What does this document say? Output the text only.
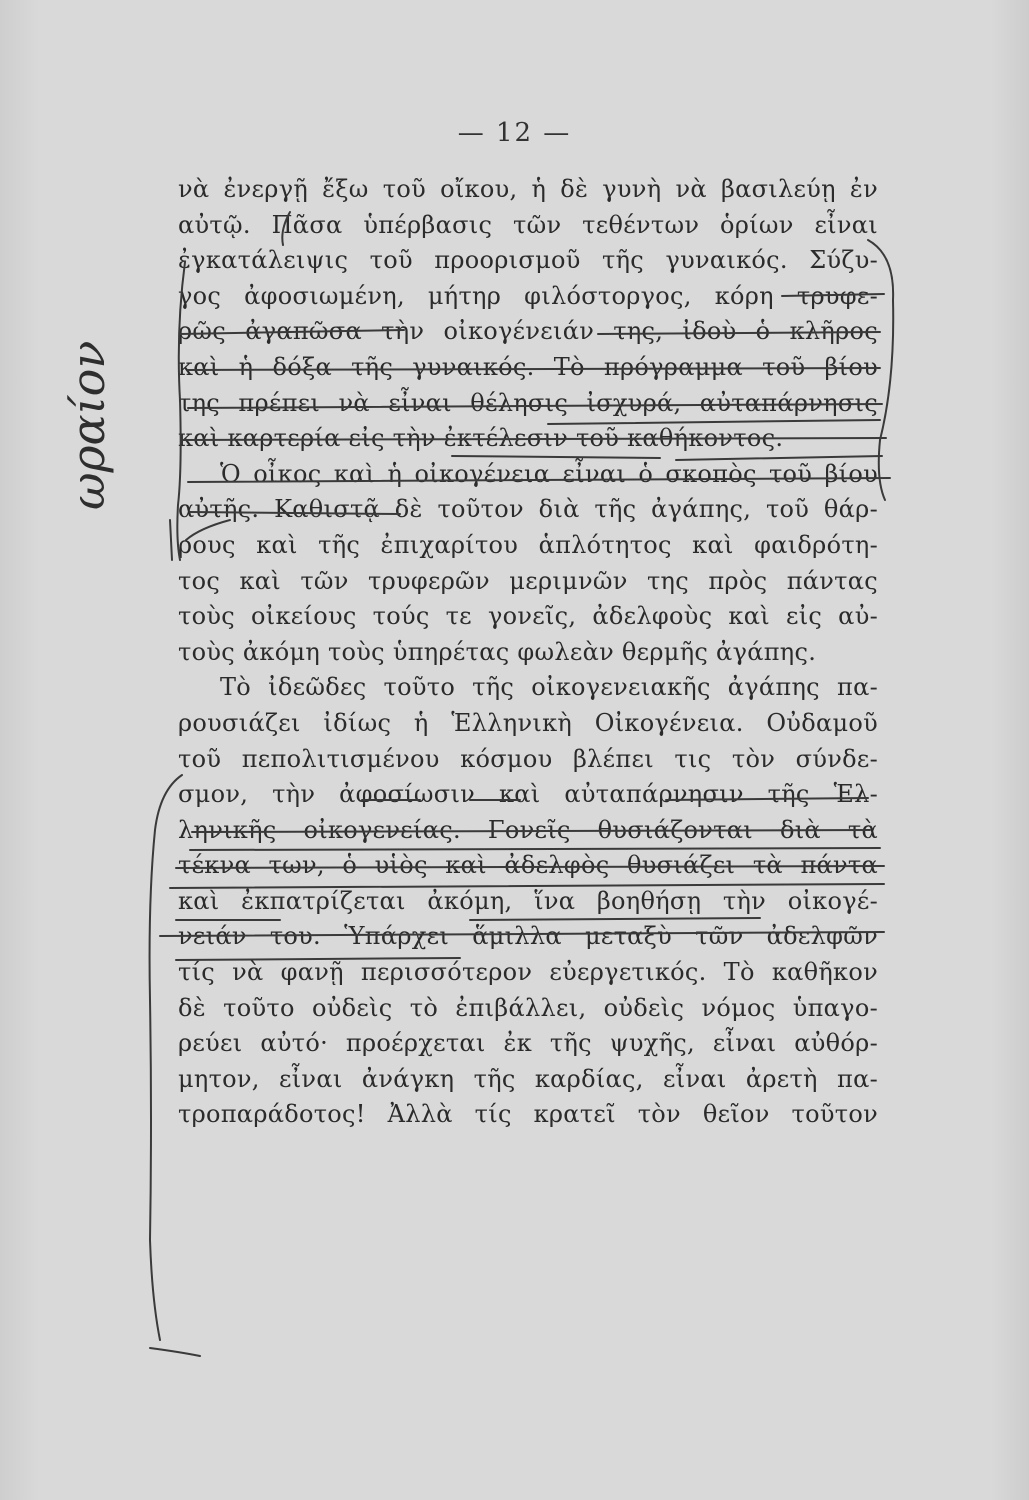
— 12 —
νὰ ἐνεργῇ ἔξω τοῦ οἴκου, ἡ δὲ γυνὴ νὰ βασιλεύῃ ἐν
αὐτῷ. Πᾶσα ὑπέρβασις τῶν τεθέντων ὁρίων εἶναι
ἐγκατάλειψις τοῦ προορισμοῦ τῆς γυναικός. Σύζυ-
γος ἀφοσιωμένη, μήτηρ φιλόστοργος, κόρη τρυφε-
ρῶς ἀγαπῶσα τὴν οἰκογένειάν της, ἰδοὺ ὁ κλῆρος
καὶ ἡ δόξα τῆς γυναικός. Τὸ πρόγραμμα τοῦ βίου
της πρέπει νὰ εἶναι θέλησις ἰσχυρά, αὐταπάρνησις
καὶ καρτερία εἰς τὴν ἐκτέλεσιν τοῦ καθήκοντος.
Ὁ οἶκος καὶ ἡ οἰκογένεια εἶναι ὁ σκοπὸς τοῦ βίου
αὐτῆς. Καθιστᾷ δὲ τοῦτον διὰ τῆς ἀγάπης, τοῦ θάρ-
ρους καὶ τῆς ἐπιχαρίτου ἁπλότητος καὶ φαιδρότη-
τος καὶ τῶν τρυφερῶν μεριμνῶν της πρὸς πάντας
τοὺς οἰκείους τούς τε γονεῖς, ἀδελφοὺς καὶ εἰς αὐ-
τοὺς ἀκόμη τοὺς ὑπηρέτας φωλεὰν θερμῆς ἀγάπης.
Τὸ ἰδεῶδες τοῦτο τῆς οἰκογενειακῆς ἀγάπης πα-
ρουσιάζει ἰδίως ἡ Ἑλληνικὴ Οἰκογένεια. Οὐδαμοῦ
τοῦ πεπολιτισμένου κόσμου βλέπει τις τὸν σύνδε-
σμον, τὴν ἀφοσίωσιν καὶ αὐταπάρνησιν τῆς Ἑλ-
ληνικῆς οἰκογενείας. Γονεῖς θυσιάζονται διὰ τὰ
τέκνα των, ὁ υἱὸς καὶ ἀδελφὸς θυσιάζει τὰ πάντα
καὶ ἐκπατρίζεται ἀκόμη, ἵνα βοηθήσῃ τὴν οἰκογέ-
νειάν του. Ὑπάρχει ἅμιλλα μεταξὺ τῶν ἀδελφῶν
τίς νὰ φανῇ περισσότερον εὐεργετικός. Τὸ καθῆκον
δὲ τοῦτο οὐδεὶς τὸ ἐπιβάλλει, οὐδεὶς νόμος ὑπαγο-
ρεύει αὐτό· προέρχεται ἐκ τῆς ψυχῆς, εἶναι αὐθόρ-
μητον, εἶναι ἀνάγκη τῆς καρδίας, εἶναι ἀρετὴ πα-
τροπαράδοτος! Ἀλλὰ τίς κρατεῖ τὸν θεῖον τοῦτον
ωραίον
